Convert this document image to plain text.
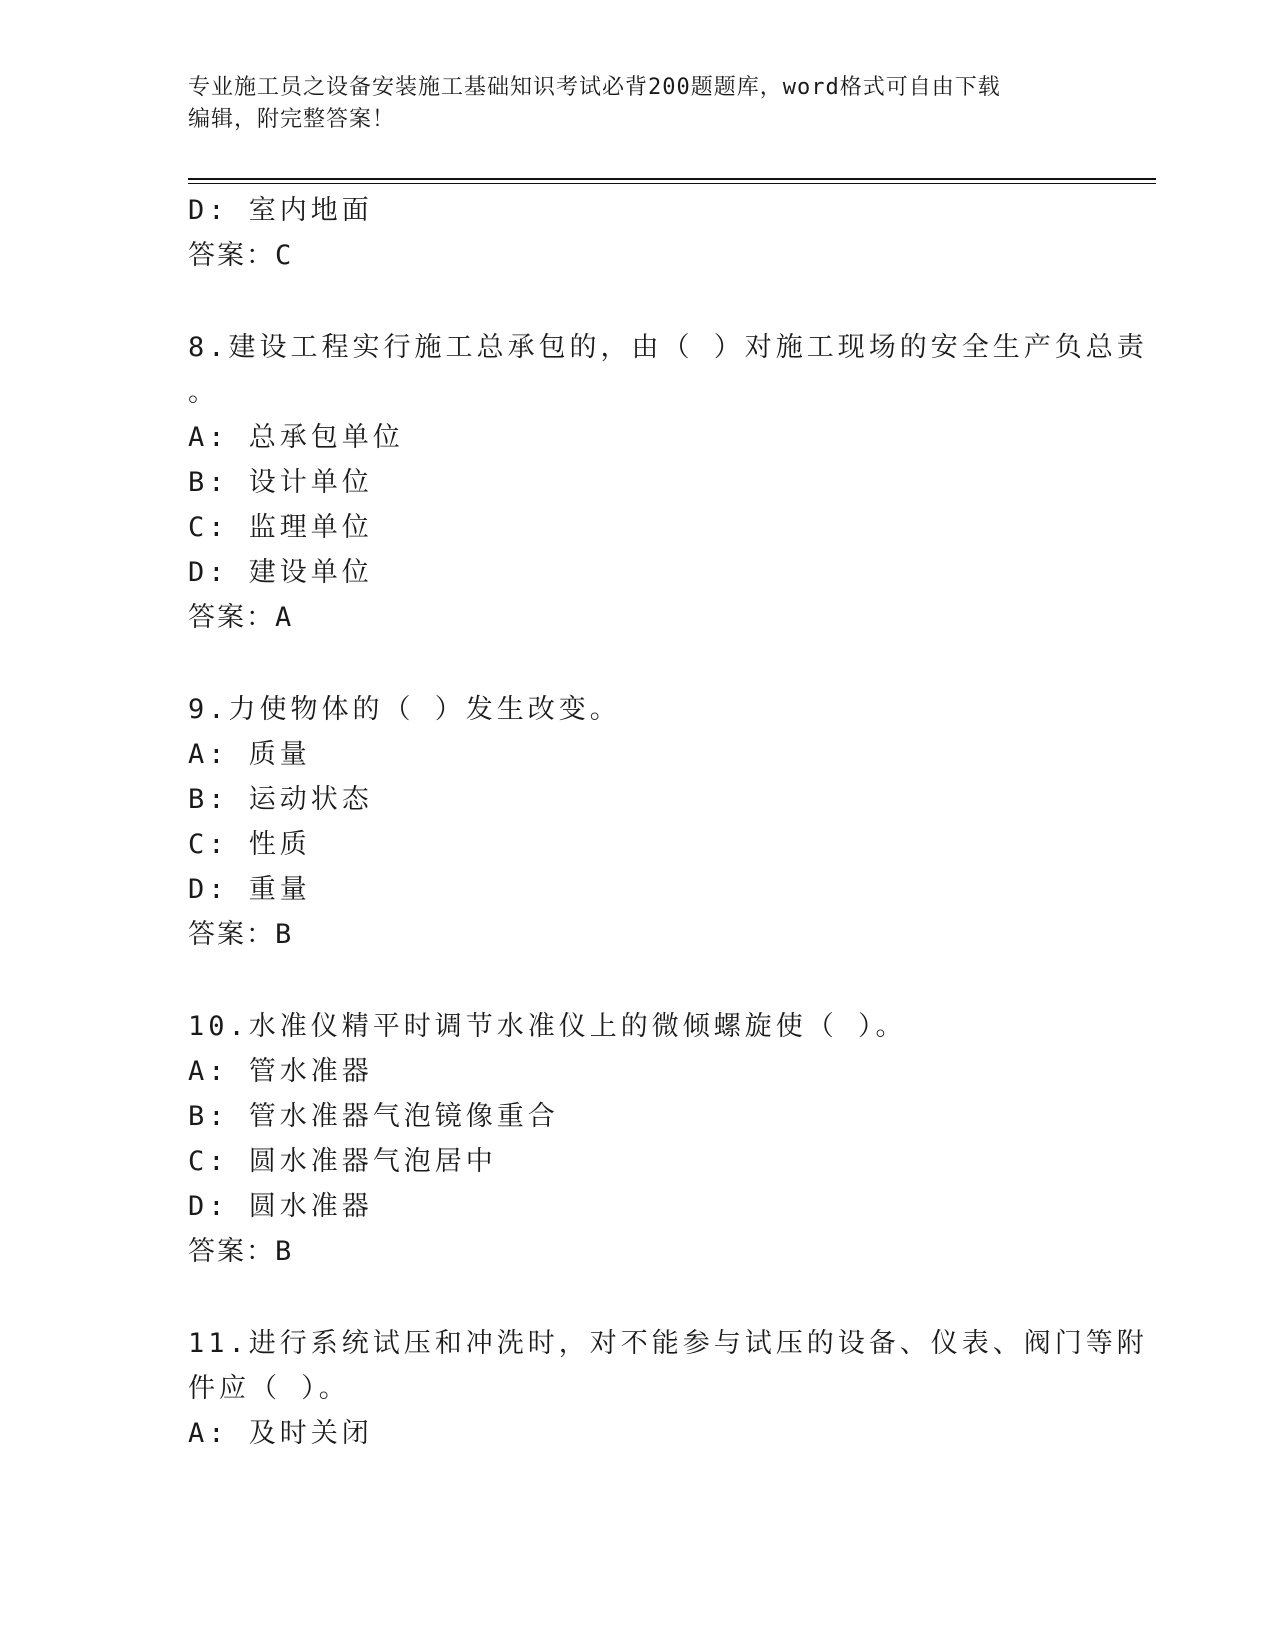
专业施工员之设备安装施工基础知识考试必背200题题库，word格式可自由下载
编辑，附完整答案！
D: 室内地面
答案：C
8.建设工程实行施工总承包的，由（ ）对施工现场的安全生产负总责
。
A: 总承包单位
B: 设计单位
C: 监理单位
D: 建设单位
答案：A
9.力使物体的（ ）发生改变。
A: 质量
B: 运动状态
C: 性质
D: 重量
答案：B
10.水准仪精平时调节水准仪上的微倾螺旋使（ ）。
A: 管水准器
B: 管水准器气泡镜像重合
C: 圆水准器气泡居中
D: 圆水准器
答案：B
11.进行系统试压和冲洗时，对不能参与试压的设备、仪表、阀门等附
件应（ ）。
A: 及时关闭
